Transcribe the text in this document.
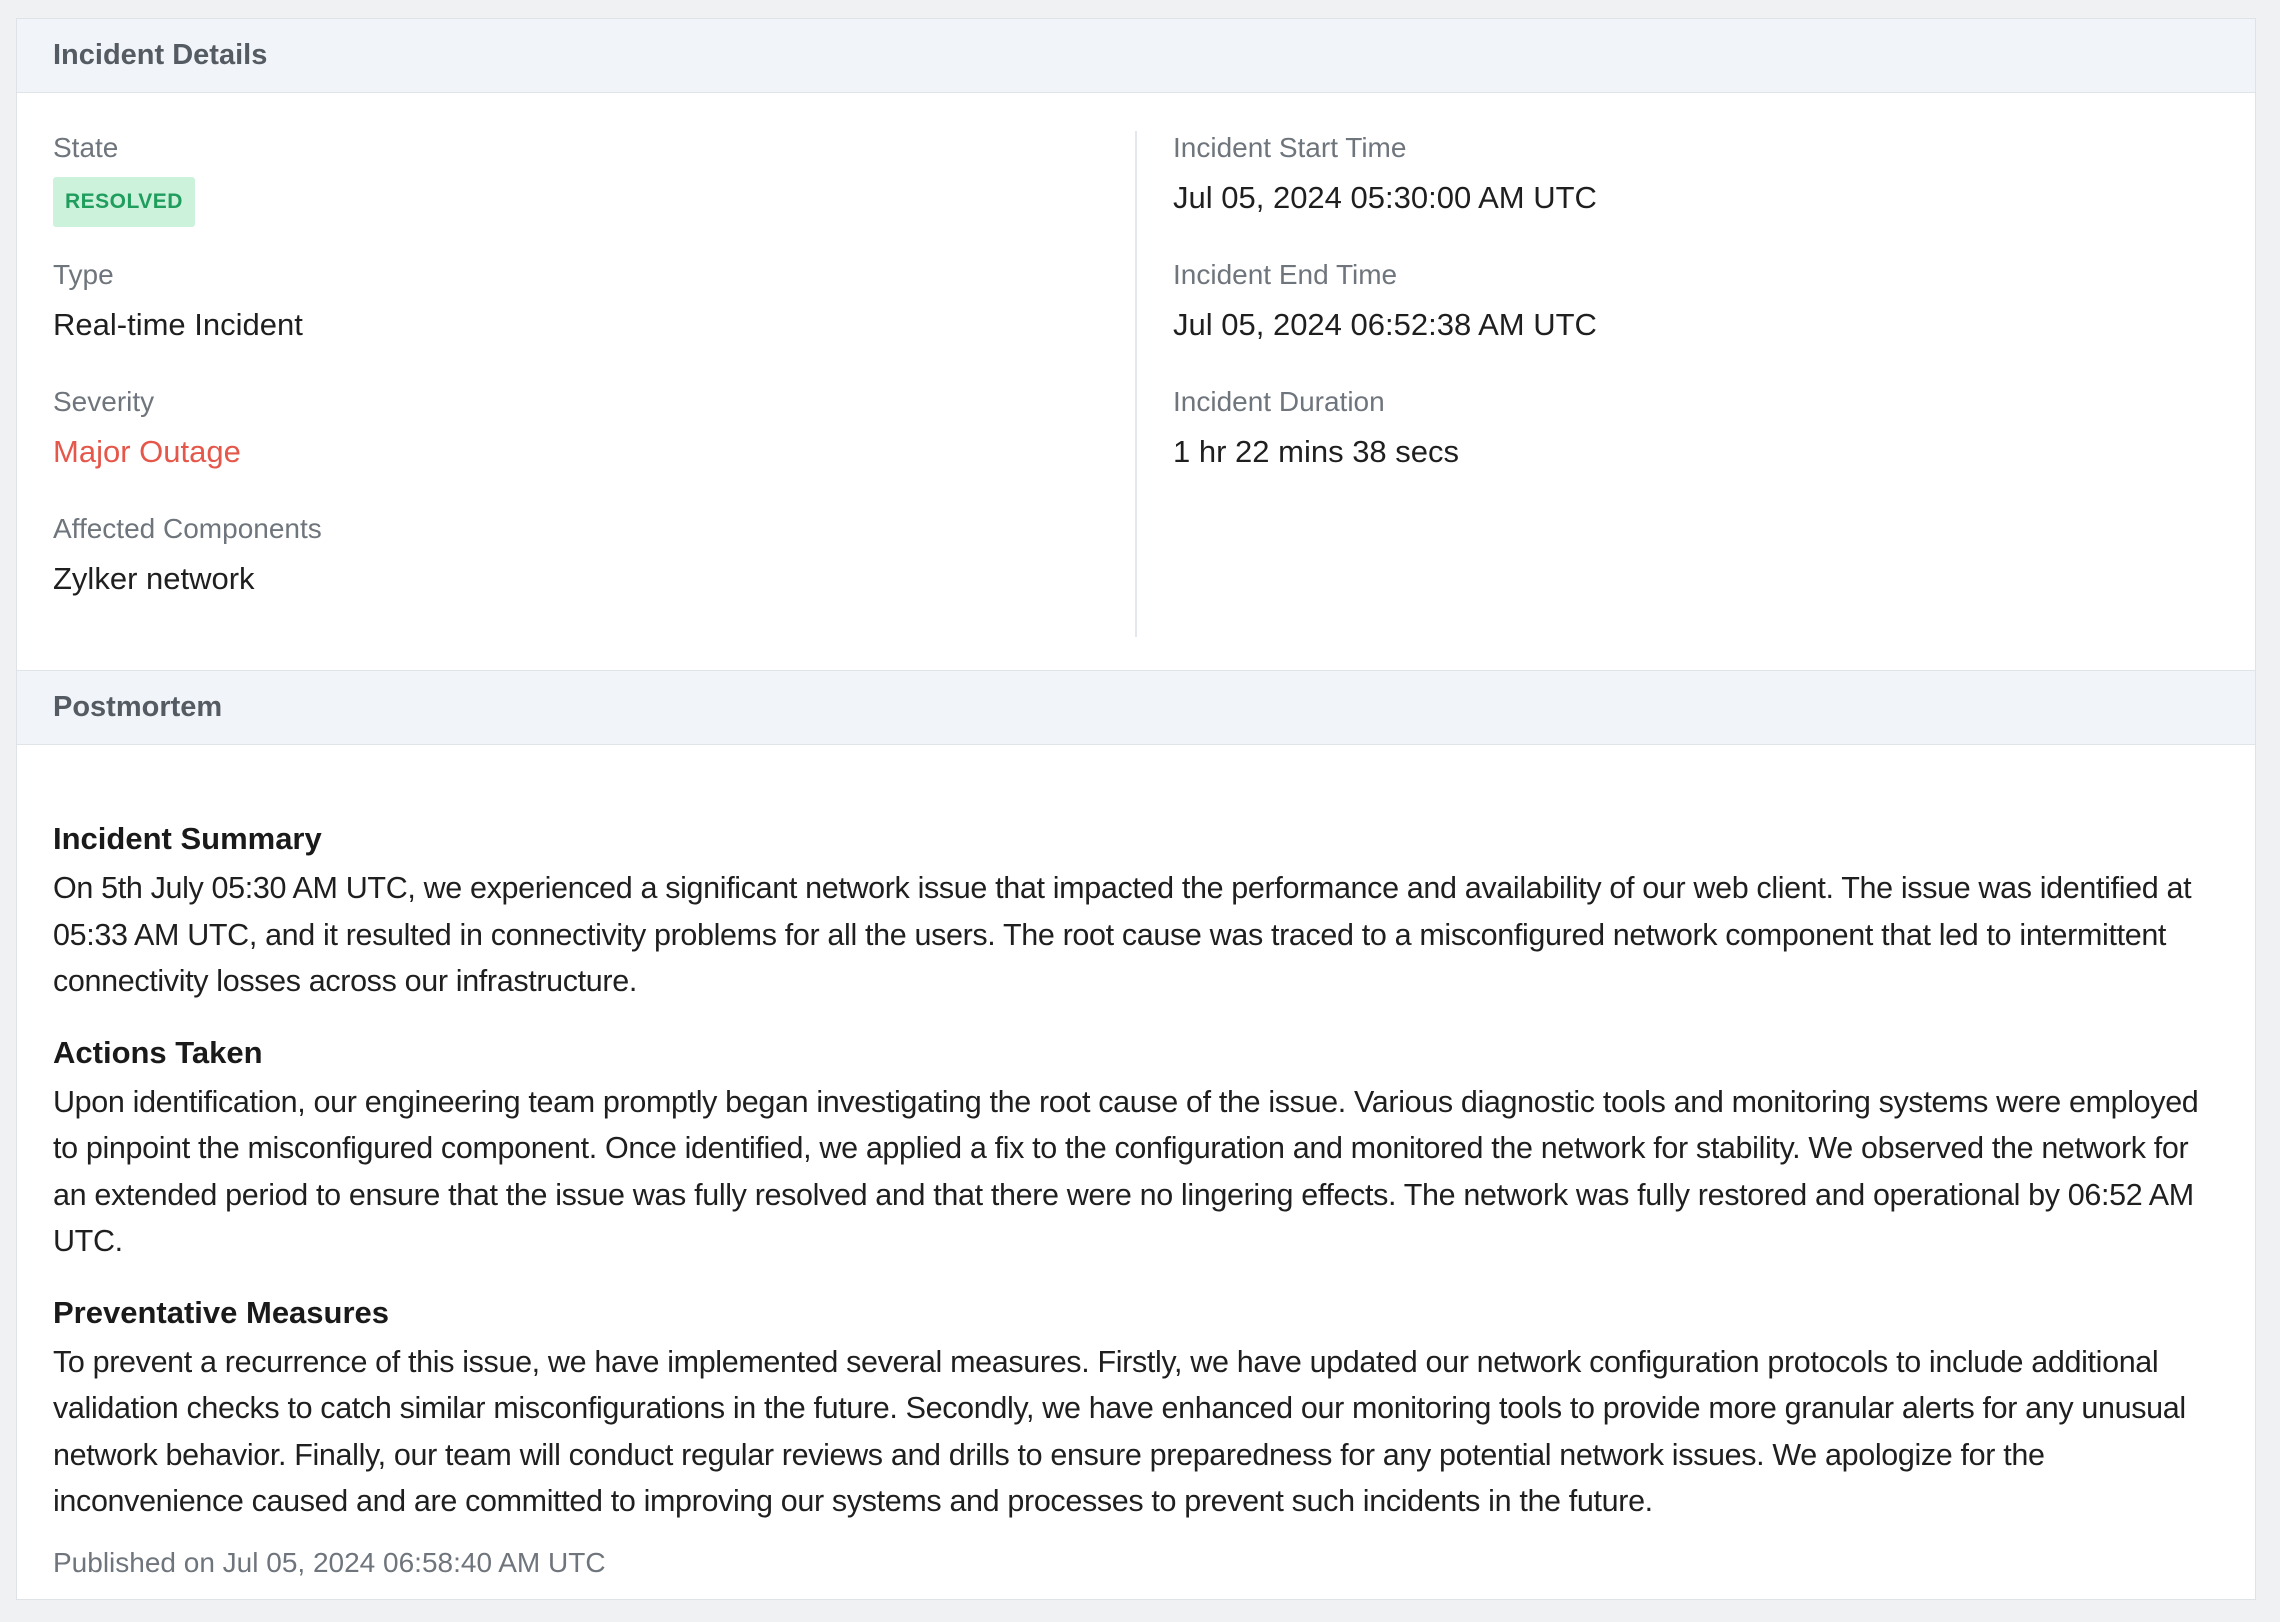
Incident Details
State
RESOLVED
Type
Real-time Incident
Severity
Major Outage
Affected Components
Zylker network
Incident Start Time
Jul 05, 2024 05:30:00 AM UTC
Incident End Time
Jul 05, 2024 06:52:38 AM UTC
Incident Duration
1 hr 22 mins 38 secs
Postmortem
Incident Summary
On 5th July 05:30 AM UTC, we experienced a significant network issue that impacted the performance and availability of our web client. The issue was identified at 05:33 AM UTC, and it resulted in connectivity problems for all the users. The root cause was traced to a misconfigured network component that led to intermittent connectivity losses across our infrastructure.
Actions Taken
Upon identification, our engineering team promptly began investigating the root cause of the issue. Various diagnostic tools and monitoring systems were employed to pinpoint the misconfigured component. Once identified, we applied a fix to the configuration and monitored the network for stability. We observed the network for an extended period to ensure that the issue was fully resolved and that there were no lingering effects. The network was fully restored and operational by 06:52 AM UTC.
Preventative Measures
To prevent a recurrence of this issue, we have implemented several measures. Firstly, we have updated our network configuration protocols to include additional validation checks to catch similar misconfigurations in the future. Secondly, we have enhanced our monitoring tools to provide more granular alerts for any unusual network behavior. Finally, our team will conduct regular reviews and drills to ensure preparedness for any potential network issues. We apologize for the inconvenience caused and are committed to improving our systems and processes to prevent such incidents in the future.
Published on Jul 05, 2024 06:58:40 AM UTC
